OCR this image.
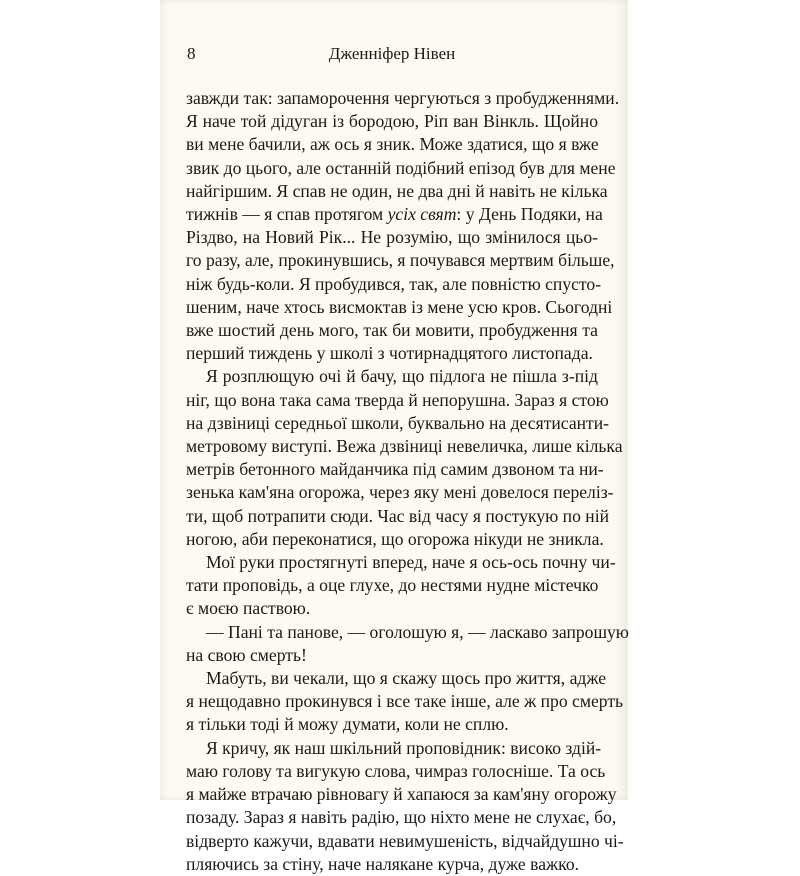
8	Дженніфер Нівен

завжди так: запаморочення чергуються з пробудженнями.

Я наче той дідуган із бородою, Ріп ван Вінкль. Щойно

ви мене бачили, аж ось я зник. Може здатися, що я вже

звик до цього, але останній подібний епізод був для мене

найгіршим. Я спав не один, не два дні й навіть не кілька

тижнів — я спав протягом усіх свят: у День Подяки, на

Різдво, на Новий Рік... Не розумію, що змінилося цьо-

го разу, але, прокинувшись, я почувався мертвим більше,

ніж будь-коли. Я пробудився, так, але повністю спусто-

шеним, наче хтось висмоктав із мене усю кров. Сьогодні

вже шостий день мого, так би мовити, пробудження та

перший тиждень у школі з чотирнадцятого листопада.

Я розплющую очі й бачу, що підлога не пішла з-під

ніг, що вона така сама тверда й непорушна. Зараз я стою

на дзвіниці середньої школи, буквально на десятисанти-

метровому виступі. Вежа дзвіниці невеличка, лише кілька

метрів бетонного майданчика під самим дзвоном та ни-

зенька кам'яна огорожа, через яку мені довелося перелiз-

ти, щоб потрапити сюди. Час від часу я постукую по ній

ногою, аби переконатися, що огорожа нікуди не зникла.

Мої руки простягнуті вперед, наче я ось-ось почну чи-

тати проповідь, а оце глухе, до нестями нудне містечко

є моєю паствою.

— Пані та панове, — оголошую я, — ласкаво запрошую

на свою смерть!

Мабуть, ви чекали, що я скажу щось про життя, адже

я нещодавно прокинувся і все таке інше, але ж про смерть

я тільки тоді й можу думати, коли не сплю.

Я кричу, як наш шкільний проповідник: високо здій-

маю голову та вигукую слова, чимраз голосніше. Та ось

я майже втрачаю рівновагу й хапаюся за кам'яну огорожу

позаду. Зараз я навіть радію, що ніхто мене не слухає, бо,

відверто кажучи, вдавати невимушеність, відчайдушно чі-

пляючись за стіну, наче налякане курча, дуже важко.
